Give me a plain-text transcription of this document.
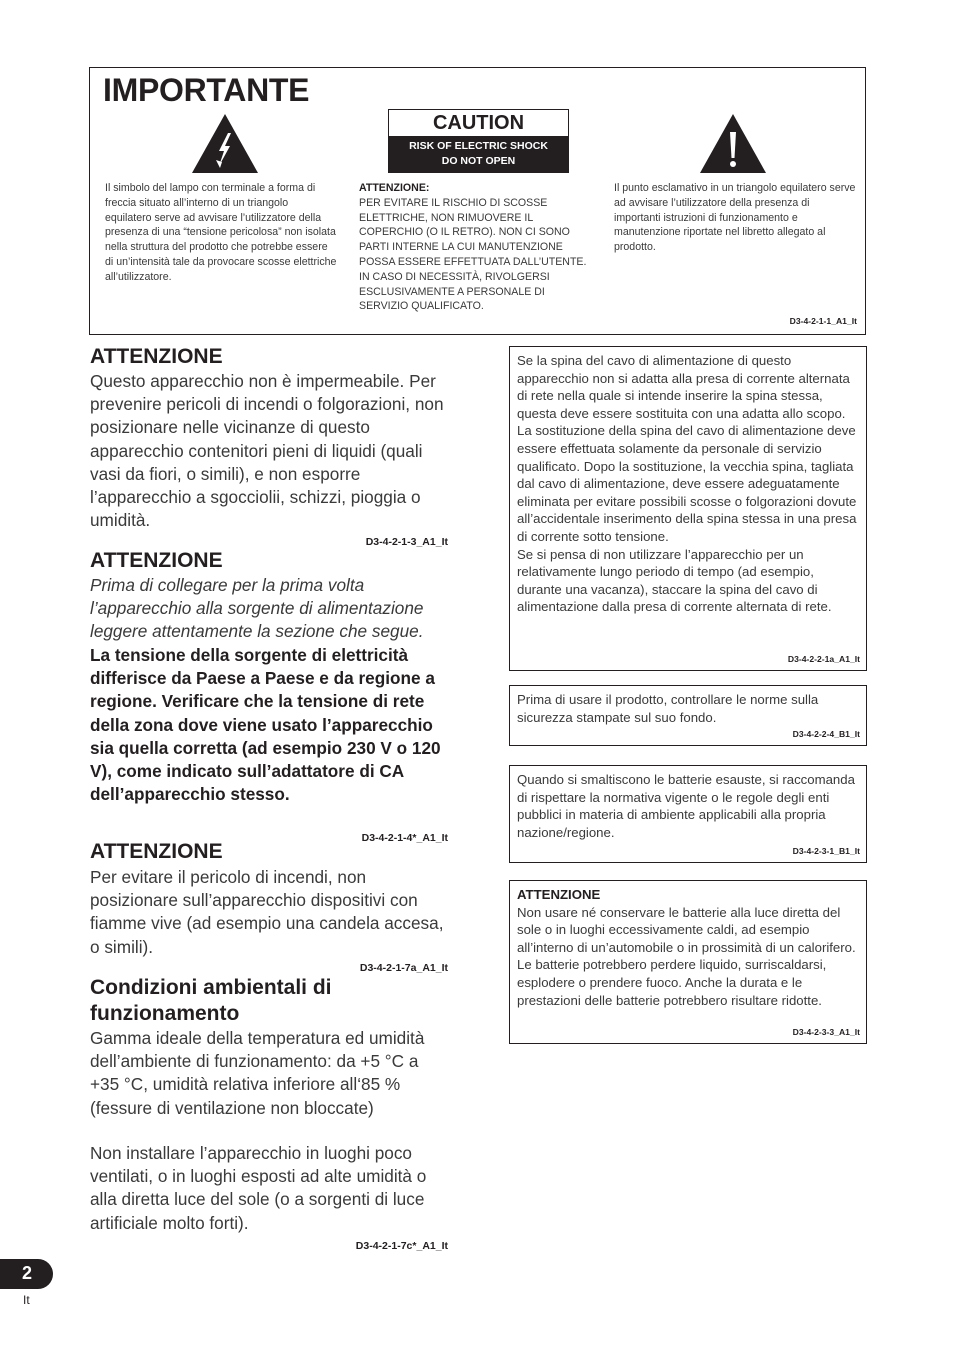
IMPORTANTE
CAUTION
RISK OF ELECTRIC SHOCK
DO NOT OPEN

Il simbolo del lampo con terminale a forma di freccia situato all’interno di un triangolo equilatero serve ad avvisare l’utilizzatore della presenza di una “tensione pericolosa” non isolata nella struttura del prodotto che potrebbe essere di un’intensità tale da provocare scosse elettriche all’utilizzatore.

ATTENZIONE:
PER EVITARE IL RISCHIO DI SCOSSE ELETTRICHE, NON RIMUOVERE IL COPERCHIO (O IL RETRO). NON CI SONO PARTI INTERNE LA CUI MANUTENZIONE POSSA ESSERE EFFETTUATA DALL’UTENTE. IN CASO DI NECESSITÀ, RIVOLGERSI ESCLUSIVAMENTE A PERSONALE DI SERVIZIO QUALIFICATO.

Il punto esclamativo in un triangolo equilatero serve ad avvisare l’utilizzatore della presenza di importanti istruzioni di funzionamento e manutenzione riportate nel libretto allegato al prodotto.

D3-4-2-1-1_A1_It
ATTENZIONE

Questo apparecchio non è impermeabile. Per prevenire pericoli di incendi o folgorazioni, non posizionare nelle vicinanze di questo apparecchio contenitori pieni di liquidi (quali vasi da fiori, o simili), e non esporre l’apparecchio a sgocciolii, schizzi, pioggia o umidità.

D3-4-2-1-3_A1_It
ATTENZIONE

Prima di collegare per la prima volta l’apparecchio alla sorgente di alimentazione leggere attentamente la sezione che segue.

La tensione della sorgente di elettricità differisce da Paese a Paese e da regione a regione. Verificare che la tensione di rete della zona dove viene usato l’apparecchio sia quella corretta (ad esempio 230 V o 120 V), come indicato sull’adattatore di CA dell’apparecchio stesso.

D3-4-2-1-4*_A1_It
ATTENZIONE

Per evitare il pericolo di incendi, non posizionare sull’apparecchio dispositivi con fiamme vive (ad esempio una candela accesa, o simili).

D3-4-2-1-7a_A1_It
Condizioni ambientali di
funzionamento

Gamma ideale della temperatura ed umidità dell’ambiente di funzionamento: da +5 °C a +35 °C, umidità relativa inferiore all‘85 % (fessure di ventilazione non bloccate)

Non installare l’apparecchio in luoghi poco ventilati, o in luoghi esposti ad alte umidità o alla diretta luce del sole (o a sorgenti di luce artificiale molto forti).

D3-4-2-1-7c*_A1_It

Se la spina del cavo di alimentazione di questo apparecchio non si adatta alla presa di corrente alternata di rete nella quale si intende inserire la spina stessa, questa deve essere sostituita con una adatta allo scopo. La sostituzione della spina del cavo di alimentazione deve essere effettuata solamente da personale di servizio qualificato. Dopo la sostituzione, la vecchia spina, tagliata dal cavo di alimentazione, deve essere adeguatamente eliminata per evitare possibili scosse o folgorazioni dovute all’accidentale inserimento della spina stessa in una presa di corrente sotto tensione.

Se si pensa di non utilizzare l’apparecchio per un relativamente lungo periodo di tempo (ad esempio, durante una vacanza), staccare la spina del cavo di alimentazione dalla presa di corrente alternata di rete.

D3-4-2-2-1a_A1_It

Prima di usare il prodotto, controllare le norme sulla sicurezza stampate sul suo fondo.

D3-4-2-2-4_B1_It

Quando si smaltiscono le batterie esauste, si raccomanda di rispettare la normativa vigente o le regole degli enti pubblici in materia di ambiente applicabili alla propria nazione/regione.

D3-4-2-3-1_B1_It

ATTENZIONE

Non usare né conservare le batterie alla luce diretta del sole o in luoghi eccessivamente caldi, ad esempio all’interno di un’automobile o in prossimità di un calorifero. Le batterie potrebbero perdere liquido, surriscaldarsi, esplodere o prendere fuoco. Anche la durata e le prestazioni delle batterie potrebbero risultare ridotte.

D3-4-2-3-3_A1_It
2
It
